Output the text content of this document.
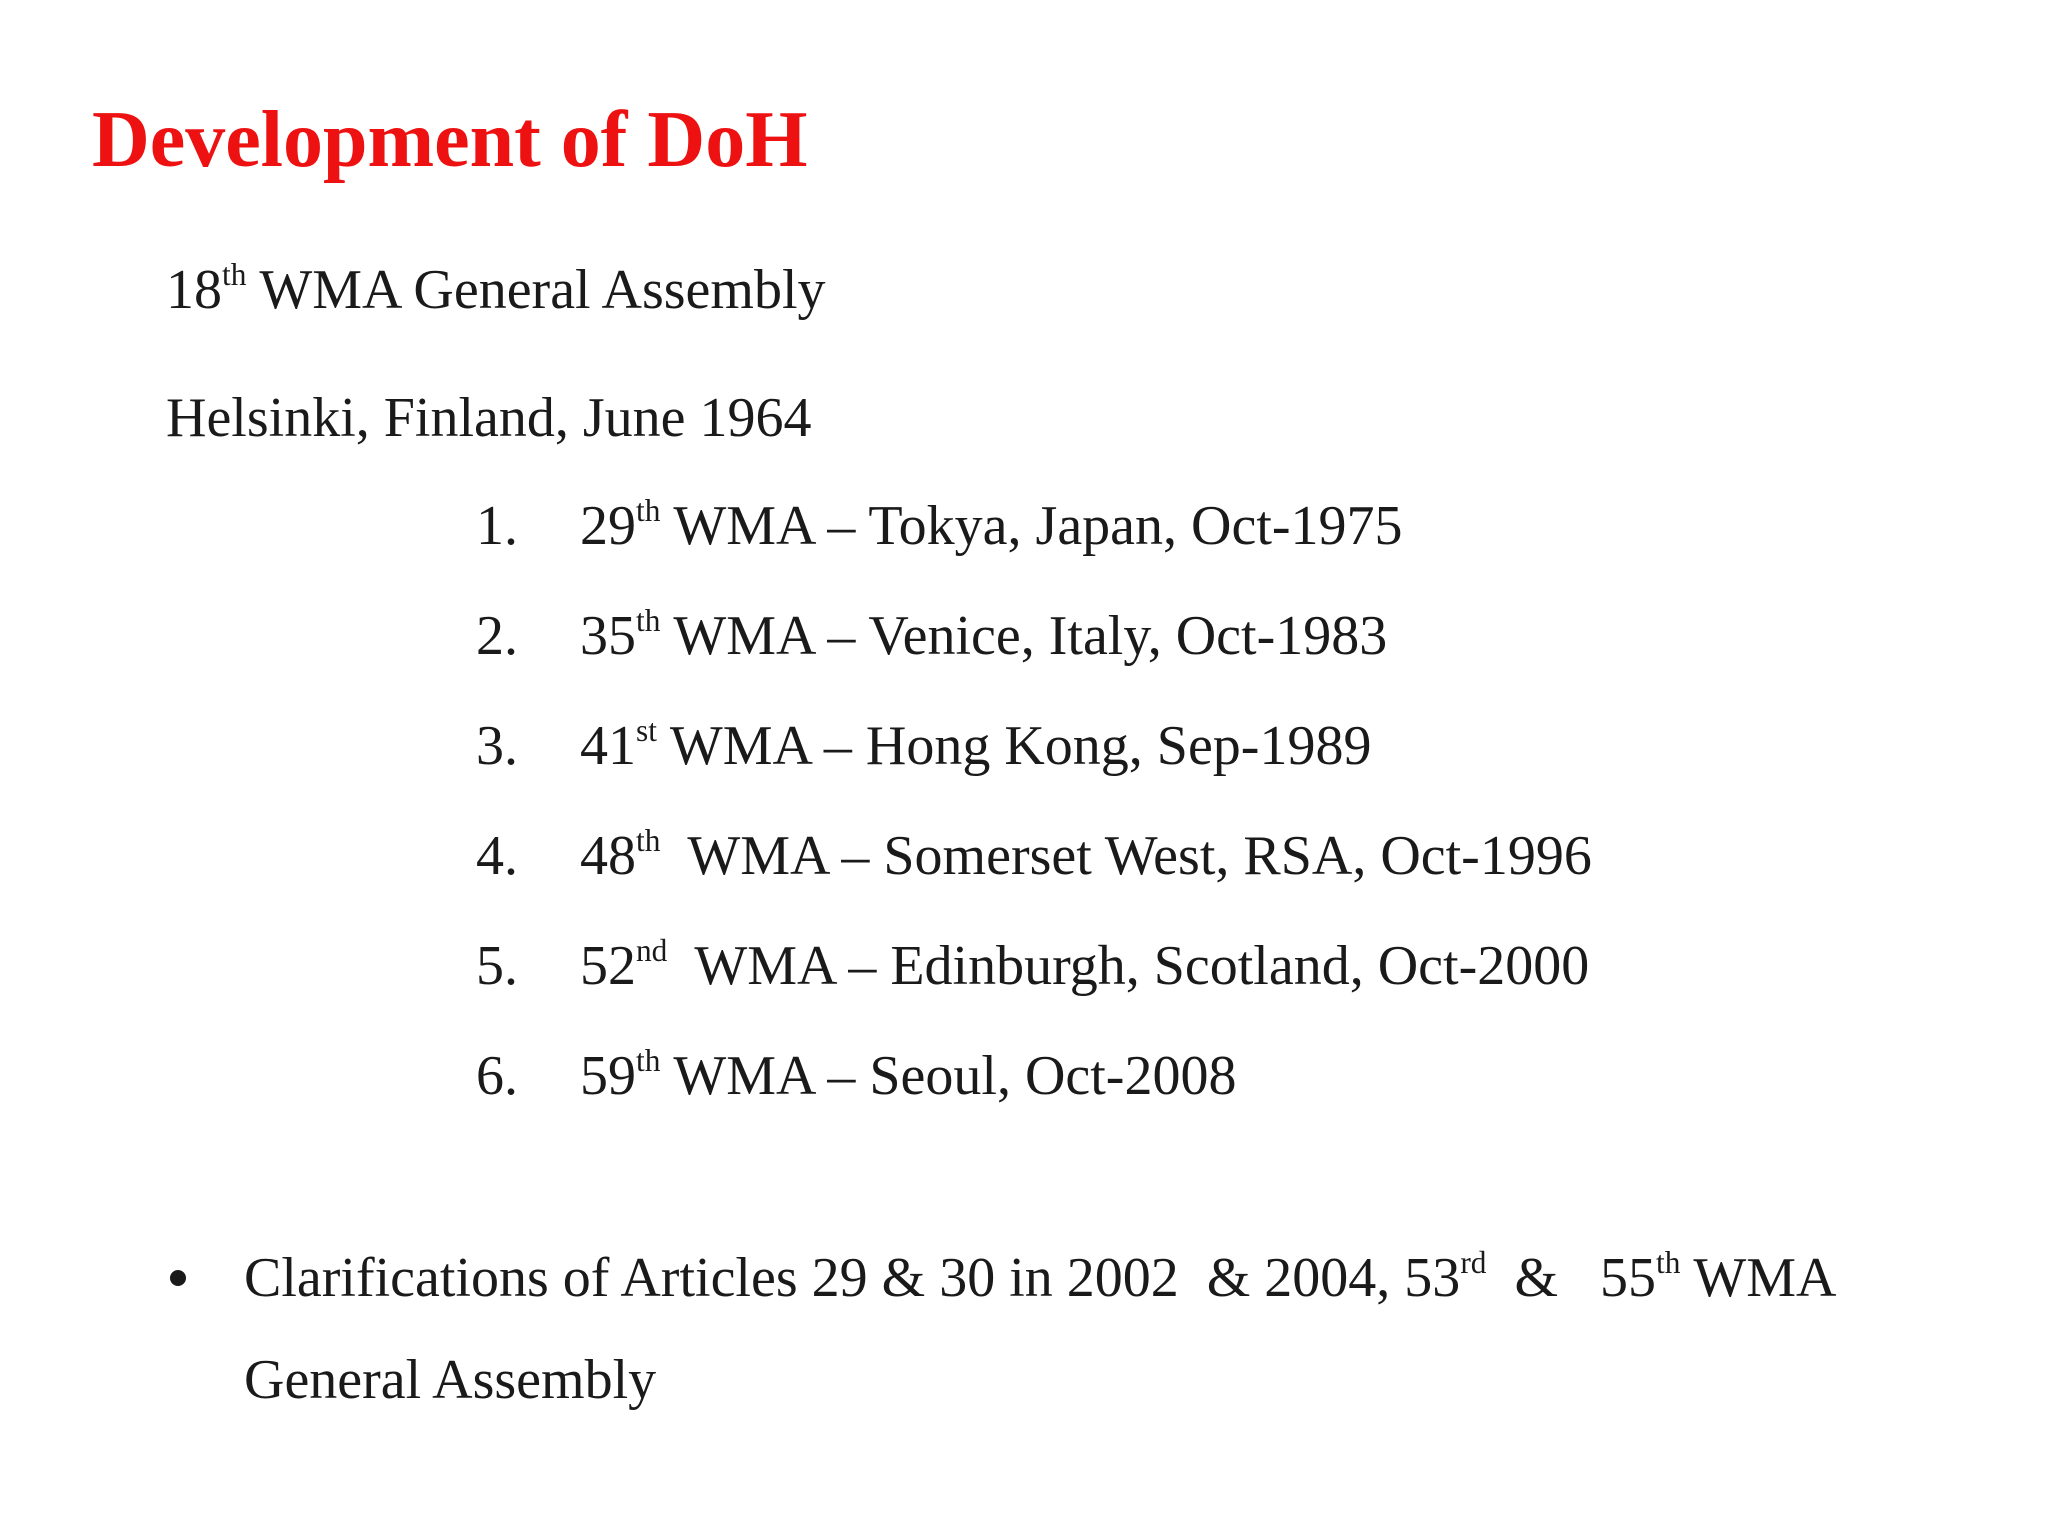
Development of DoH
18th WMA General Assembly
Helsinki, Finland, June 1964
1. 29th WMA – Tokya, Japan, Oct-1975
2. 35th WMA – Venice, Italy, Oct-1983
3. 41st WMA – Hong Kong, Sep-1989
4. 48th  WMA – Somerset West, RSA, Oct-1996
5. 52nd  WMA – Edinburgh, Scotland, Oct-2000
6. 59th WMA – Seoul, Oct-2008
Clarifications of Articles 29 & 30 in 2002  & 2004, 53rd  &   55th WMA General Assembly
